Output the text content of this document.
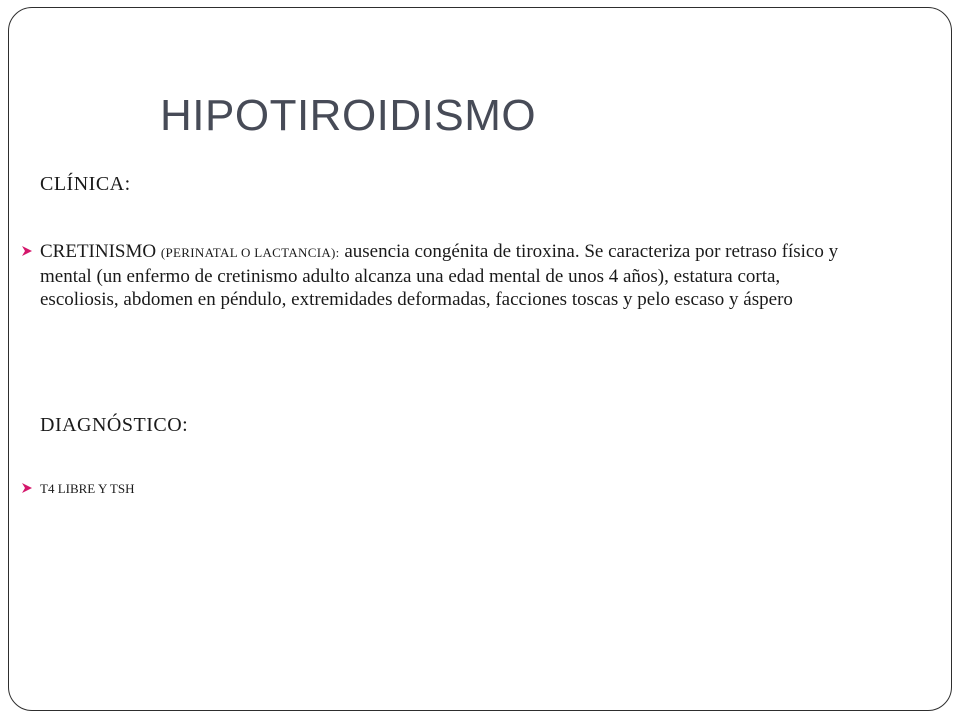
HIPOTIROIDISMO
CLÍNICA:
CRETINISMO (PERINATAL O LACTANCIA): ausencia congénita de tiroxina. Se caracteriza por retraso físico y mental (un enfermo de cretinismo adulto alcanza una edad mental de unos 4 años), estatura corta, escoliosis, abdomen en péndulo, extremidades deformadas, facciones toscas y pelo escaso y áspero
DIAGNÓSTICO:
T4 LIBRE Y TSH
